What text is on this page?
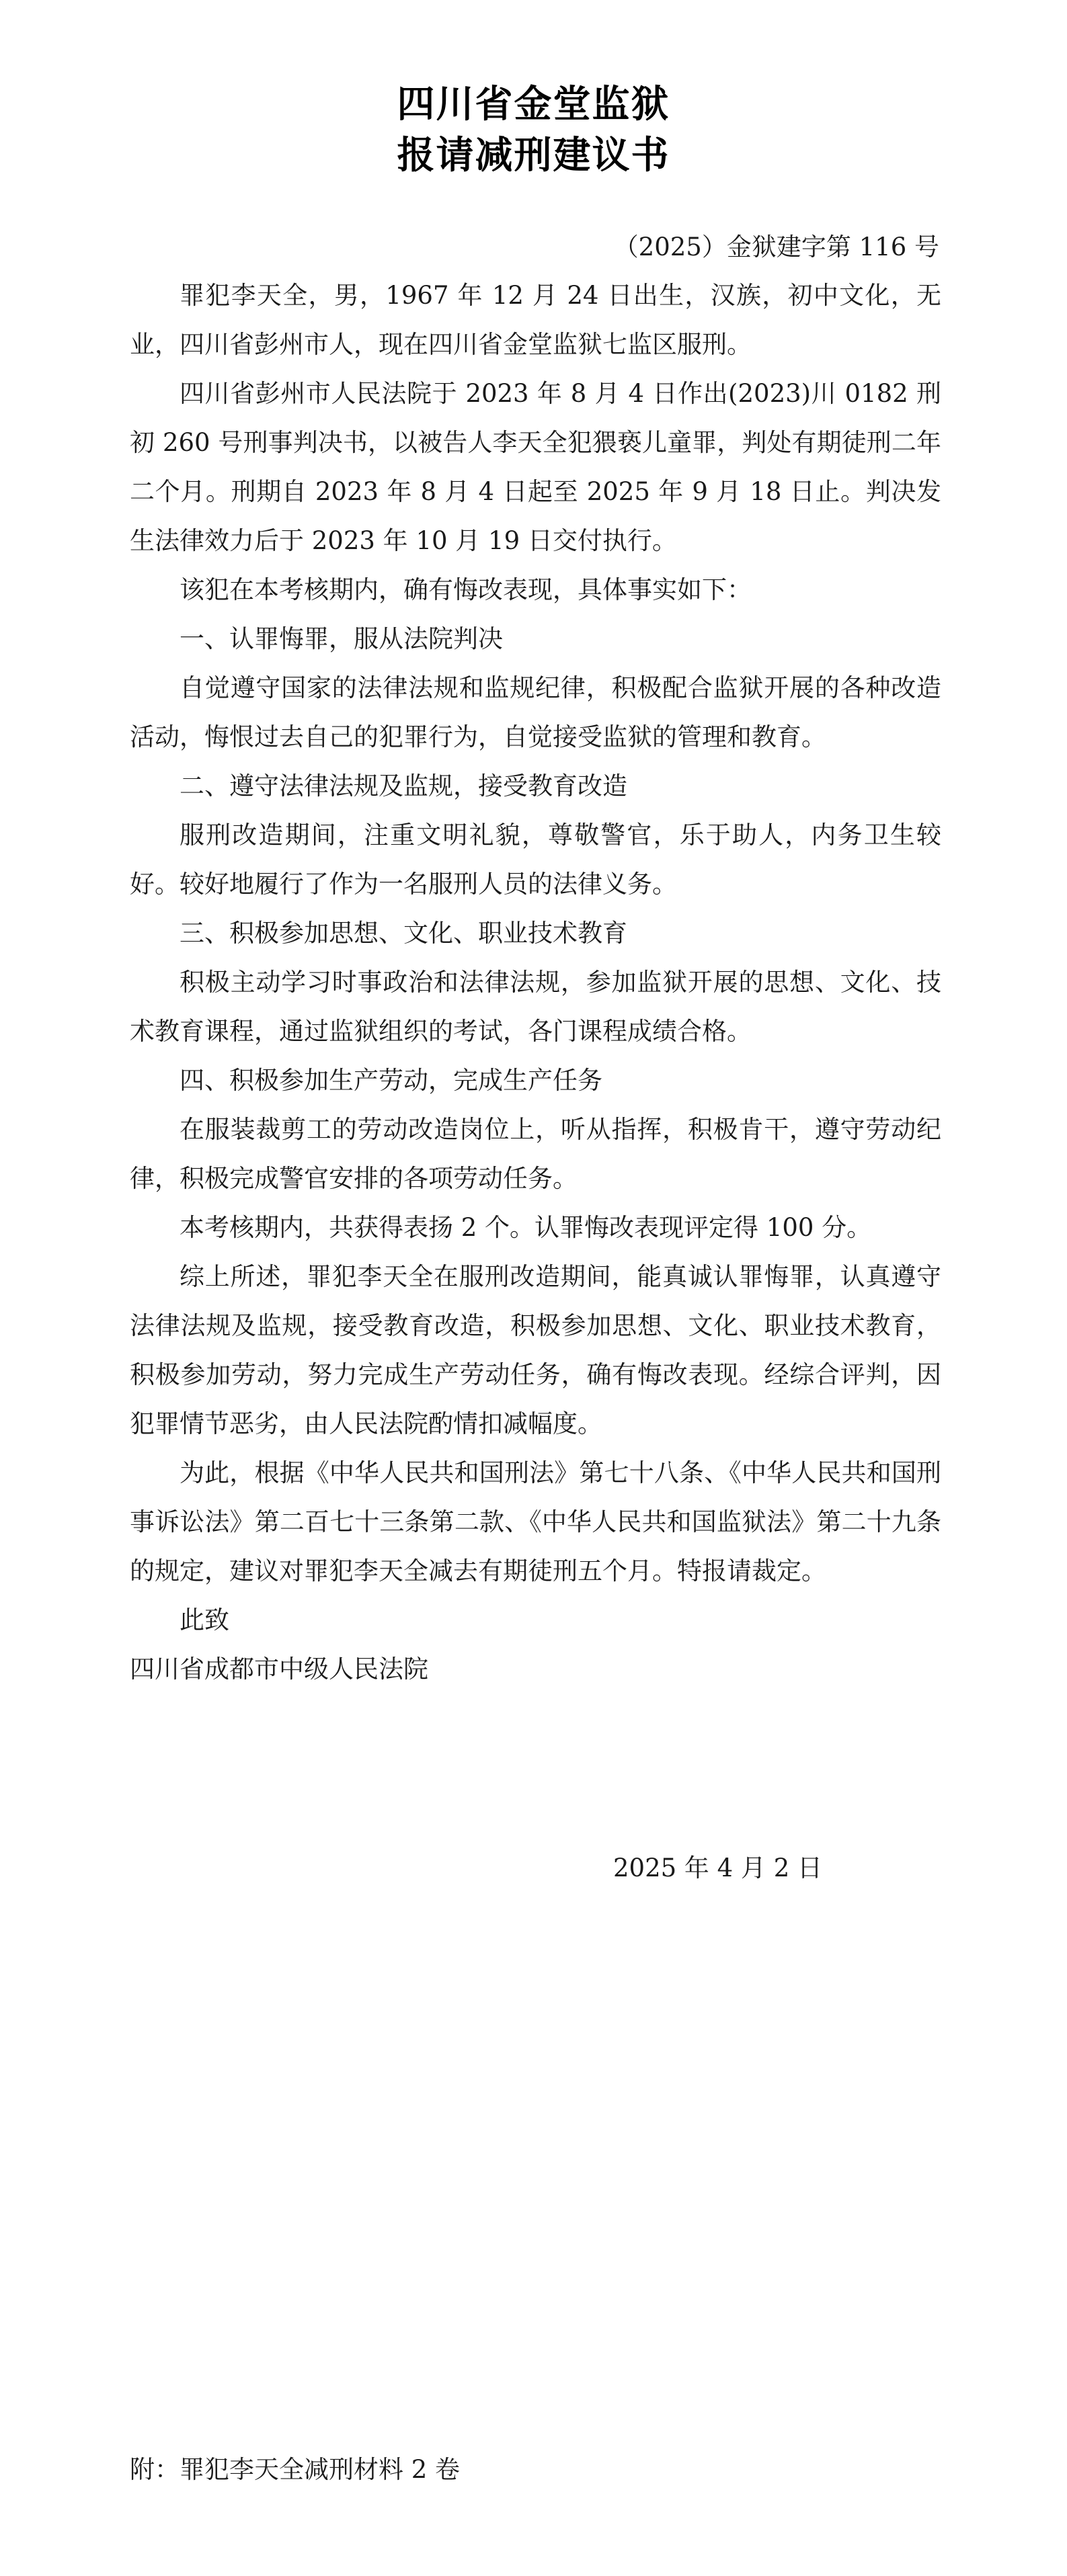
四川省金堂监狱
报请减刑建议书
（2025）金狱建字第 116 号

罪犯李天全，男，1967 年 12 月 24 日出生，汉族，初中文化，无业，四川省彭州市人，现在四川省金堂监狱七监区服刑。

四川省彭州市人民法院于 2023 年 8 月 4 日作出(2023)川 0182 刑初 260 号刑事判决书，以被告人李天全犯猥亵儿童罪，判处有期徒刑二年二个月。刑期自 2023 年 8 月 4 日起至 2025 年 9 月 18 日止。判决发生法律效力后于 2023 年 10 月 19 日交付执行。

该犯在本考核期内，确有悔改表现，具体事实如下：

一、认罪悔罪，服从法院判决

自觉遵守国家的法律法规和监规纪律，积极配合监狱开展的各种改造活动，悔恨过去自己的犯罪行为，自觉接受监狱的管理和教育。

二、遵守法律法规及监规，接受教育改造

服刑改造期间，注重文明礼貌，尊敬警官，乐于助人，内务卫生较好。较好地履行了作为一名服刑人员的法律义务。

三、积极参加思想、文化、职业技术教育

积极主动学习时事政治和法律法规，参加监狱开展的思想、文化、技术教育课程，通过监狱组织的考试，各门课程成绩合格。

四、积极参加生产劳动，完成生产任务

在服装裁剪工的劳动改造岗位上，听从指挥，积极肯干，遵守劳动纪律，积极完成警官安排的各项劳动任务。

本考核期内，共获得表扬 2 个。认罪悔改表现评定得 100 分。

综上所述，罪犯李天全在服刑改造期间，能真诚认罪悔罪，认真遵守法律法规及监规，接受教育改造，积极参加思想、文化、职业技术教育，积极参加劳动，努力完成生产劳动任务，确有悔改表现。经综合评判，因犯罪情节恶劣，由人民法院酌情扣减幅度。

为此，根据《中华人民共和国刑法》第七十八条、《中华人民共和国刑事诉讼法》第二百七十三条第二款、《中华人民共和国监狱法》第二十九条的规定，建议对罪犯李天全减去有期徒刑五个月。特报请裁定。

此致

四川省成都市中级人民法院

2025 年 4 月 2 日
附：罪犯李天全减刑材料 2 卷
